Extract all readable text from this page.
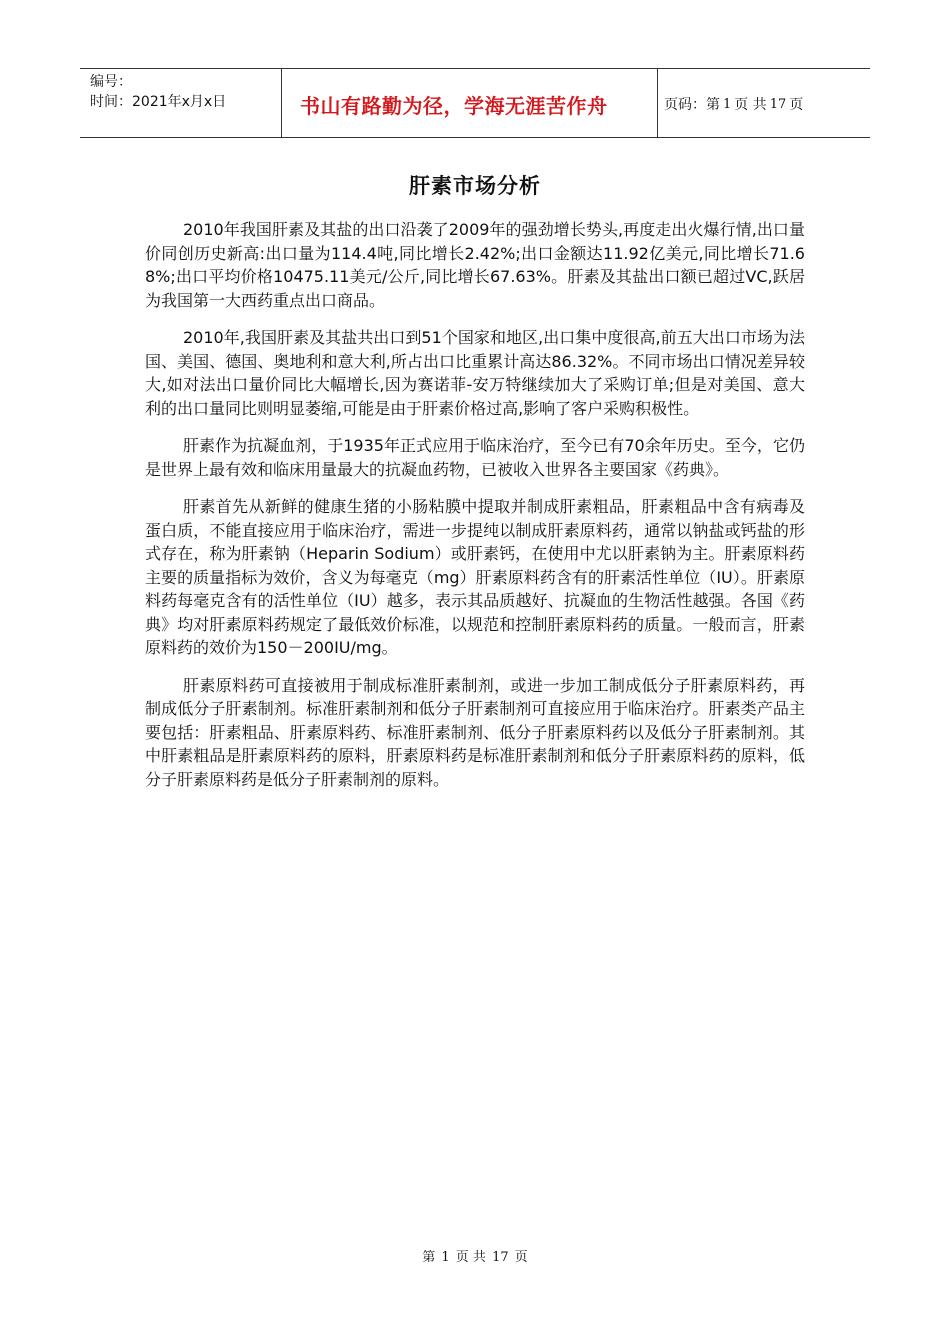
编号：
时间：2021年x月x日	书山有路勤为径，学海无涯苦作舟	页码：第 1 页 共 17 页
肝素市场分析

2010年我国肝素及其盐的出口沿袭了2009年的强劲增长势头,再度走出火爆行情,出口量价同创历史新高:出口量为114.4吨,同比增长2.42%;出口金额达11.92亿美元,同比增长71.68%;出口平均价格10475.11美元/公斤,同比增长67.63%。肝素及其盐出口额已超过VC,跃居为我国第一大西药重点出口商品。

2010年,我国肝素及其盐共出口到51个国家和地区,出口集中度很高,前五大出口市场为法国、美国、德国、奥地利和意大利,所占出口比重累计高达86.32%。不同市场出口情况差异较大,如对法出口量价同比大幅增长,因为赛诺菲-安万特继续加大了采购订单;但是对美国、意大利的出口量同比则明显萎缩,可能是由于肝素价格过高,影响了客户采购积极性。

肝素作为抗凝血剂，于1935年正式应用于临床治疗，至今已有70余年历史。至今，它仍是世界上最有效和临床用量最大的抗凝血药物，已被收入世界各主要国家《药典》。

肝素首先从新鲜的健康生猪的小肠粘膜中提取并制成肝素粗品，肝素粗品中含有病毒及蛋白质，不能直接应用于临床治疗，需进一步提纯以制成肝素原料药，通常以钠盐或钙盐的形式存在，称为肝素钠（Heparin Sodium）或肝素钙，在使用中尤以肝素钠为主。肝素原料药主要的质量指标为效价，含义为每毫克（mg）肝素原料药含有的肝素活性单位（IU）。肝素原料药每毫克含有的活性单位（IU）越多，表示其品质越好、抗凝血的生物活性越强。各国《药典》均对肝素原料药规定了最低效价标准，以规范和控制肝素原料药的质量。一般而言，肝素原料药的效价为150－200IU/mg。

肝素原料药可直接被用于制成标准肝素制剂，或进一步加工制成低分子肝素原料药，再制成低分子肝素制剂。标准肝素制剂和低分子肝素制剂可直接应用于临床治疗。肝素类产品主要包括：肝素粗品、肝素原料药、标准肝素制剂、低分子肝素原料药以及低分子肝素制剂。其中肝素粗品是肝素原料药的原料，肝素原料药是标准肝素制剂和低分子肝素原料药的原料，低分子肝素原料药是低分子肝素制剂的原料。

第 1 页 共 17 页
